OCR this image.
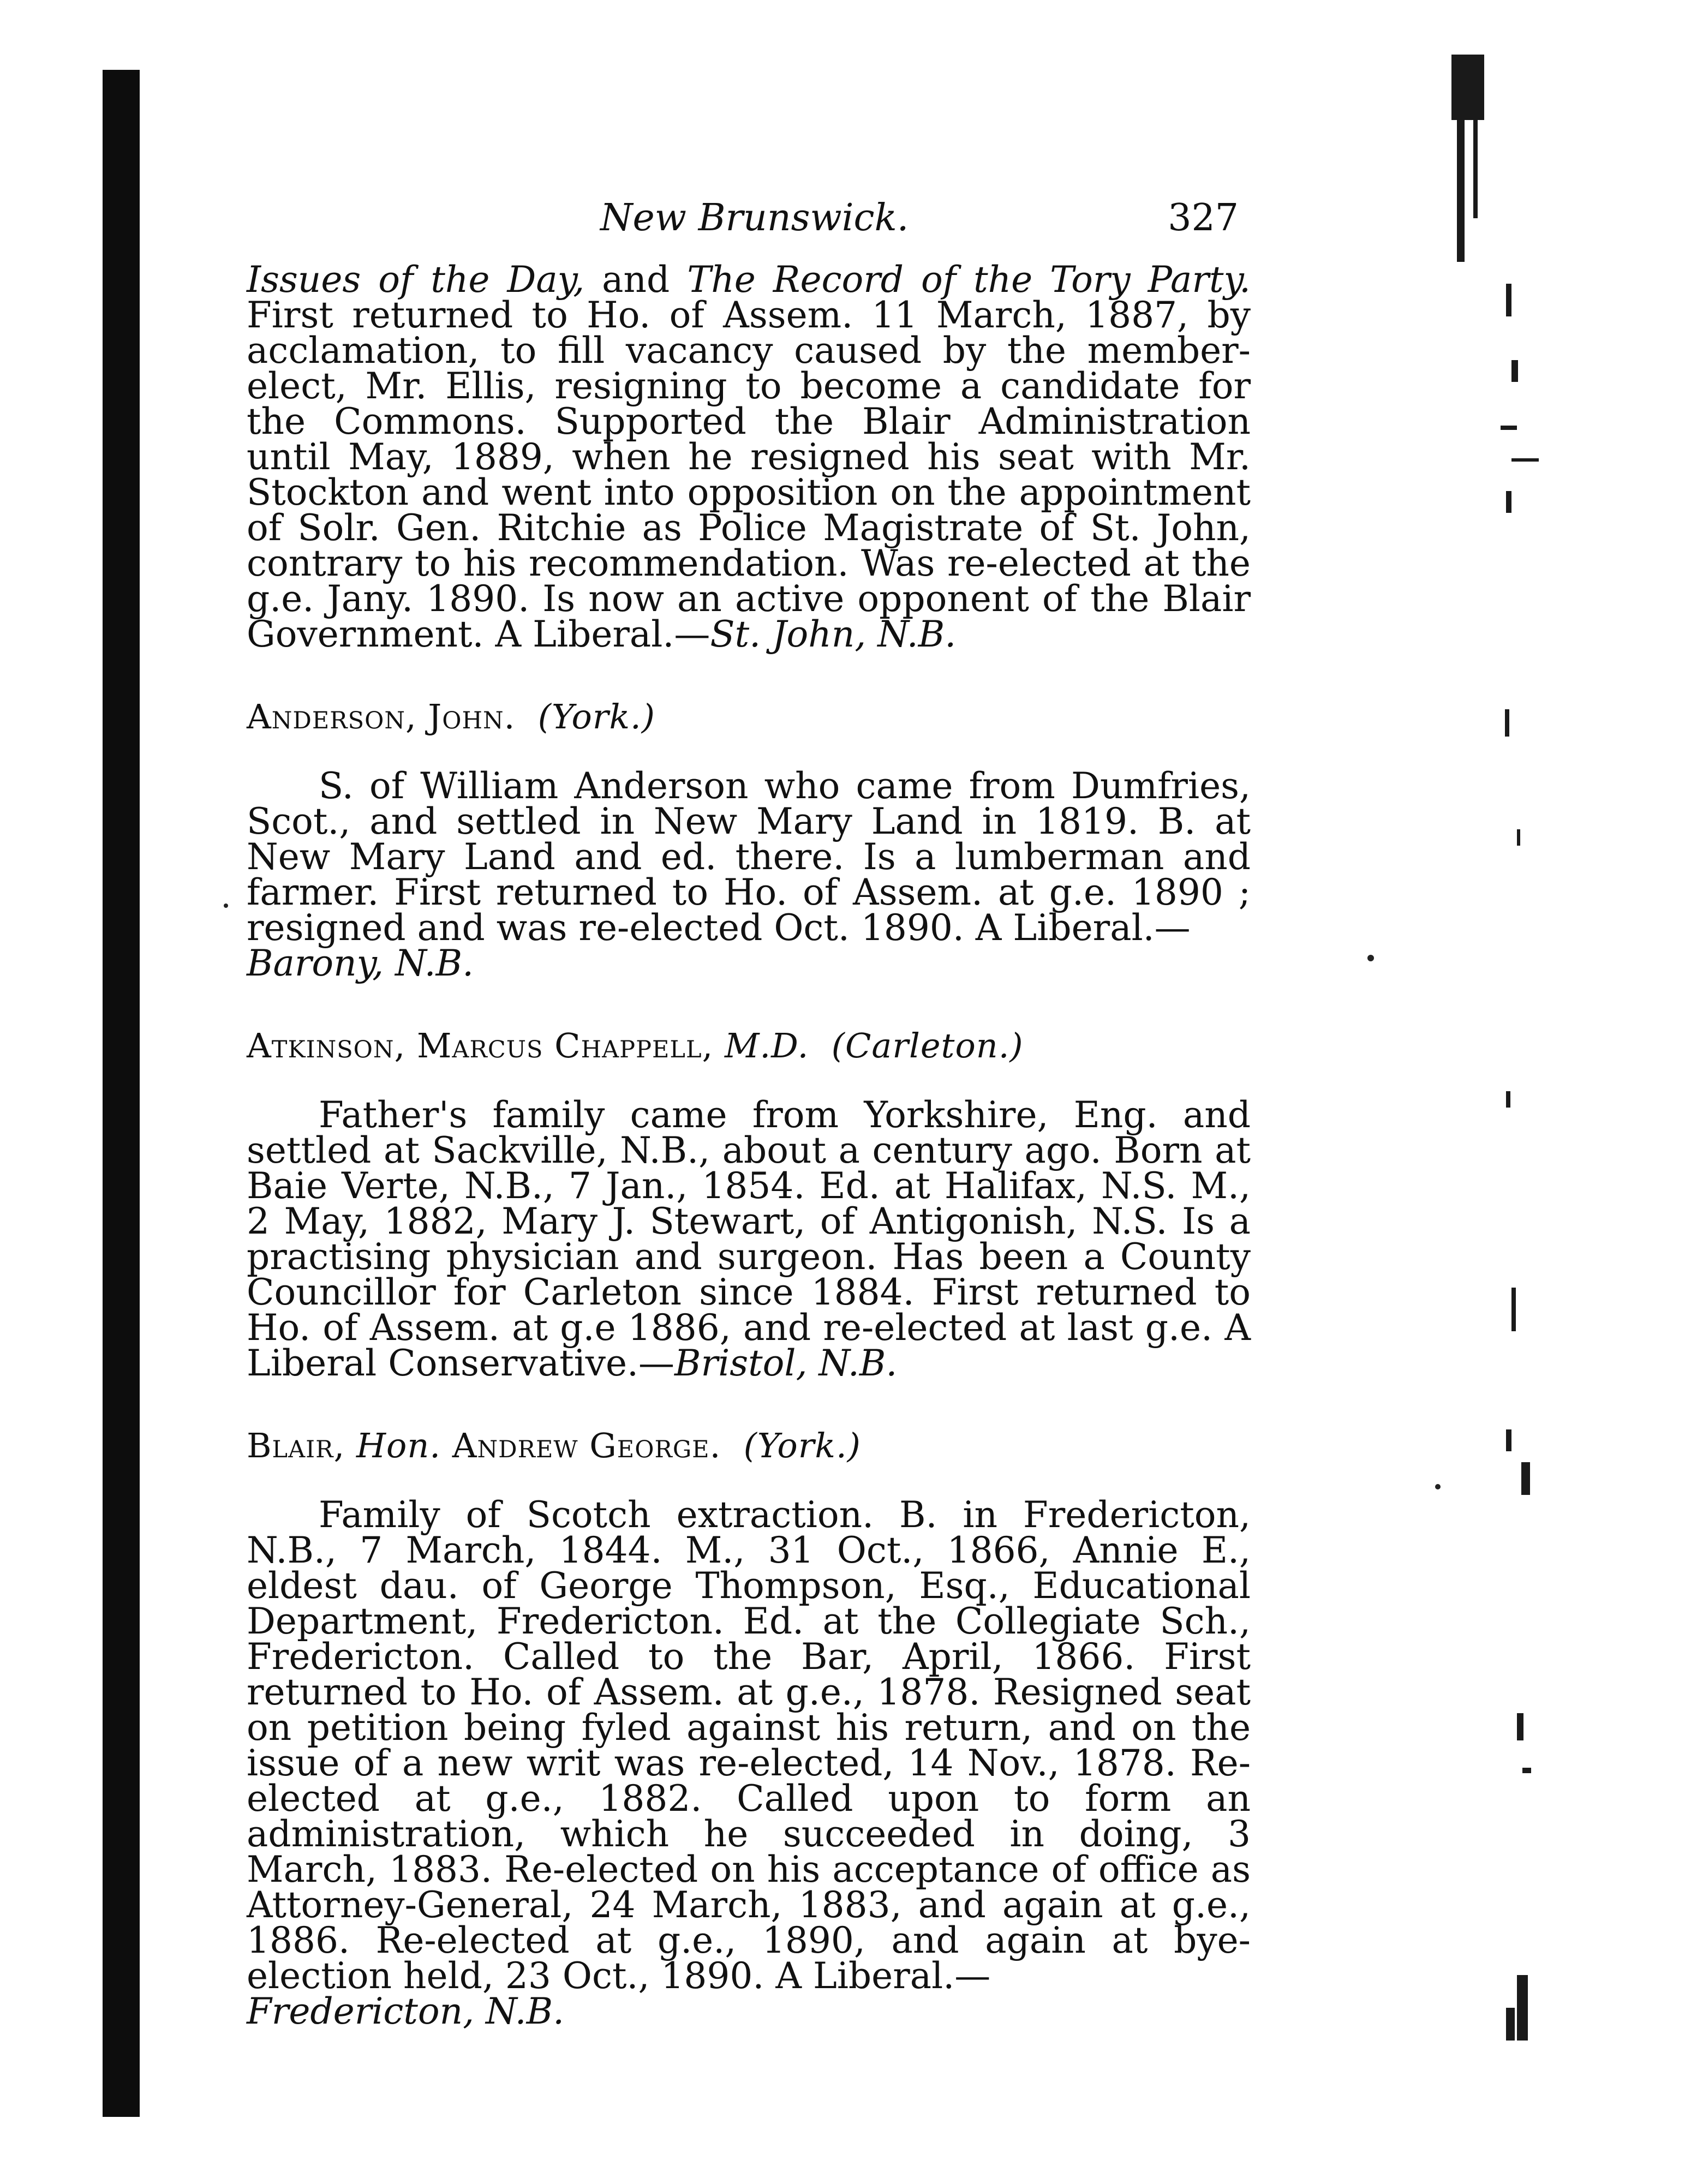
New Brunswick.	327

Issues of the Day, and The Record of the Tory Party. First returned to Ho. of Assem. 11 March, 1887, by acclamation, to fill vacancy caused by the member-elect, Mr. Ellis, resigning to become a candidate for the Commons. Supported the Blair Administration until May, 1889, when he resigned his seat with Mr. Stockton and went into opposition on the appointment of Solr. Gen. Ritchie as Police Magistrate of St. John, contrary to his recommendation. Was re-elected at the g.e. Jany. 1890. Is now an active opponent of the Blair Government. A Liberal.—St. John, N.B.

Anderson, John. (York.)

S. of William Anderson who came from Dumfries, Scot., and settled in New Mary Land in 1819. B. at New Mary Land and ed. there. Is a lumberman and farmer. First returned to Ho. of Assem. at g.e. 1890 ; resigned and was re-elected Oct. 1890. A Liberal.—
Barony, N.B.

Atkinson, Marcus Chappell, M.D. (Carleton.)

Father's family came from Yorkshire, Eng. and settled at Sackville, N.B., about a century ago. Born at Baie Verte, N.B., 7 Jan., 1854. Ed. at Halifax, N.S. M., 2 May, 1882, Mary J. Stewart, of Antigonish, N.S. Is a practising physician and surgeon. Has been a County Councillor for Carleton since 1884. First returned to Ho. of Assem. at g.e 1886, and re-elected at last g.e. A Liberal Conservative.—Bristol, N.B.

Blair, Hon. Andrew George. (York.)

Family of Scotch extraction. B. in Fredericton, N.B., 7 March, 1844. M., 31 Oct., 1866, Annie E., eldest dau. of George Thompson, Esq., Educational Department, Fredericton. Ed. at the Collegiate Sch., Fredericton. Called to the Bar, April, 1866. First returned to Ho. of Assem. at g.e., 1878. Resigned seat on petition being fyled against his return, and on the issue of a new writ was re-elected, 14 Nov., 1878. Re-elected at g.e., 1882. Called upon to form an administration, which he succeeded in doing, 3 March, 1883. Re-elected on his acceptance of office as Attorney-General, 24 March, 1883, and again at g.e., 1886. Re-elected at g.e., 1890, and again at bye-election held, 23 Oct., 1890. A Liberal.—
Fredericton, N.B.
